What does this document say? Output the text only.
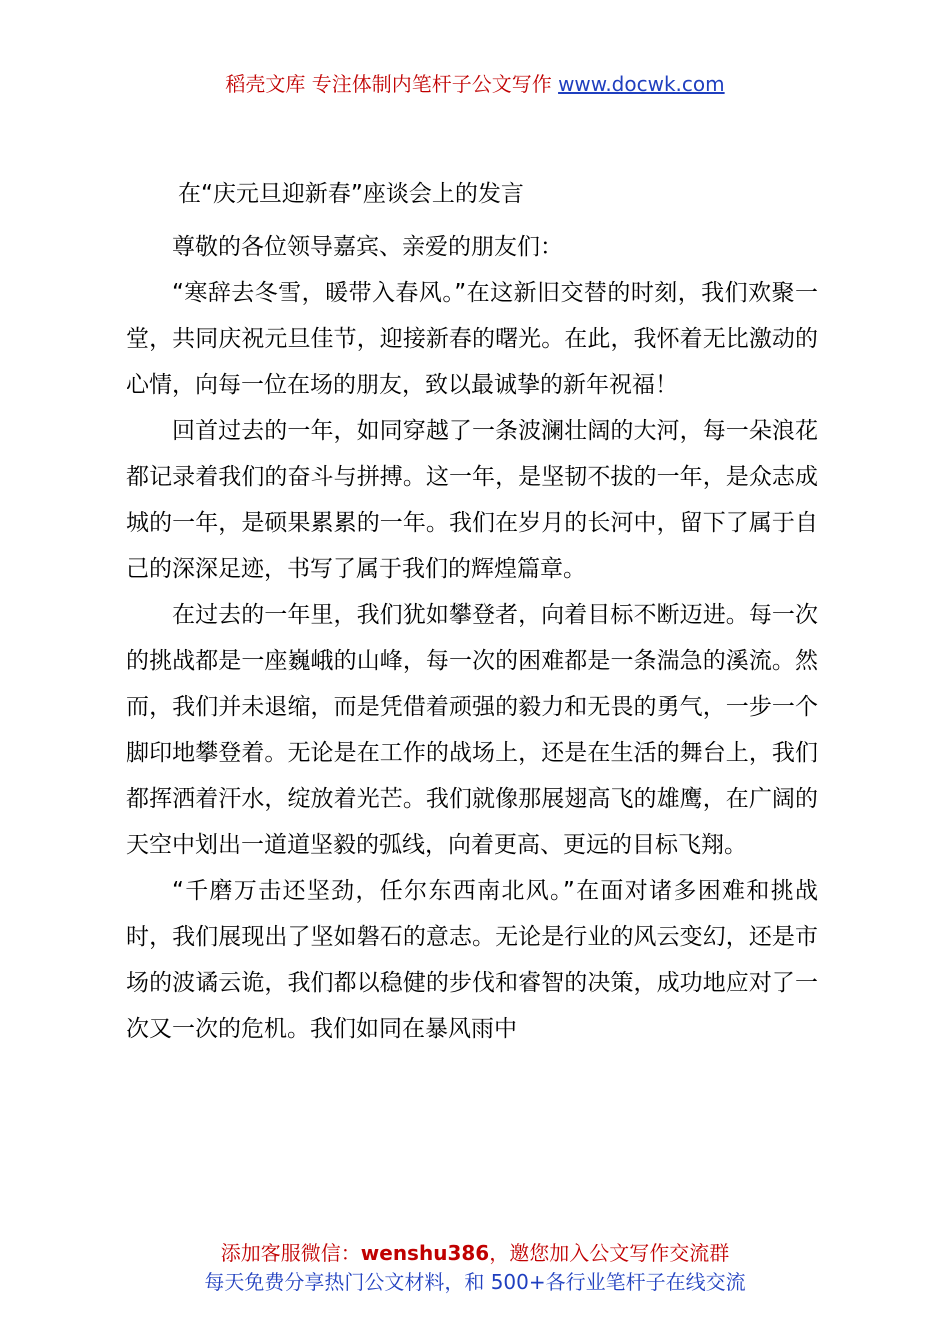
稻壳文库 专注体制内笔杆子公文写作 www.docwk.com
在“庆元旦迎新春”座谈会上的发言

尊敬的各位领导嘉宾、亲爱的朋友们：

“寒辞去冬雪，暖带入春风。”在这新旧交替的时刻，我们欢聚一堂，共同庆祝元旦佳节，迎接新春的曙光。在此，我怀着无比激动的心情，向每一位在场的朋友，致以最诚挚的新年祝福！

回首过去的一年，如同穿越了一条波澜壮阔的大河，每一朵浪花都记录着我们的奋斗与拼搏。这一年，是坚韧不拔的一年，是众志成城的一年，是硕果累累的一年。我们在岁月的长河中，留下了属于自己的深深足迹，书写了属于我们的辉煌篇章。

在过去的一年里，我们犹如攀登者，向着目标不断迈进。每一次的挑战都是一座巍峨的山峰，每一次的困难都是一条湍急的溪流。然而，我们并未退缩，而是凭借着顽强的毅力和无畏的勇气，一步一个脚印地攀登着。无论是在工作的战场上，还是在生活的舞台上，我们都挥洒着汗水，绽放着光芒。我们就像那展翅高飞的雄鹰，在广阔的天空中划出一道道坚毅的弧线，向着更高、更远的目标飞翔。

“千磨万击还坚劲，任尔东西南北风。”在面对诸多困难和挑战时，我们展现出了坚如磐石的意志。无论是行业的风云变幻，还是市场的波谲云诡，我们都以稳健的步伐和睿智的决策，成功地应对了一次又一次的危机。我们如同在暴风雨中

添加客服微信：wenshu386，邀您加入公文写作交流群
每天免费分享热门公文材料，和 500+各行业笔杆子在线交流
